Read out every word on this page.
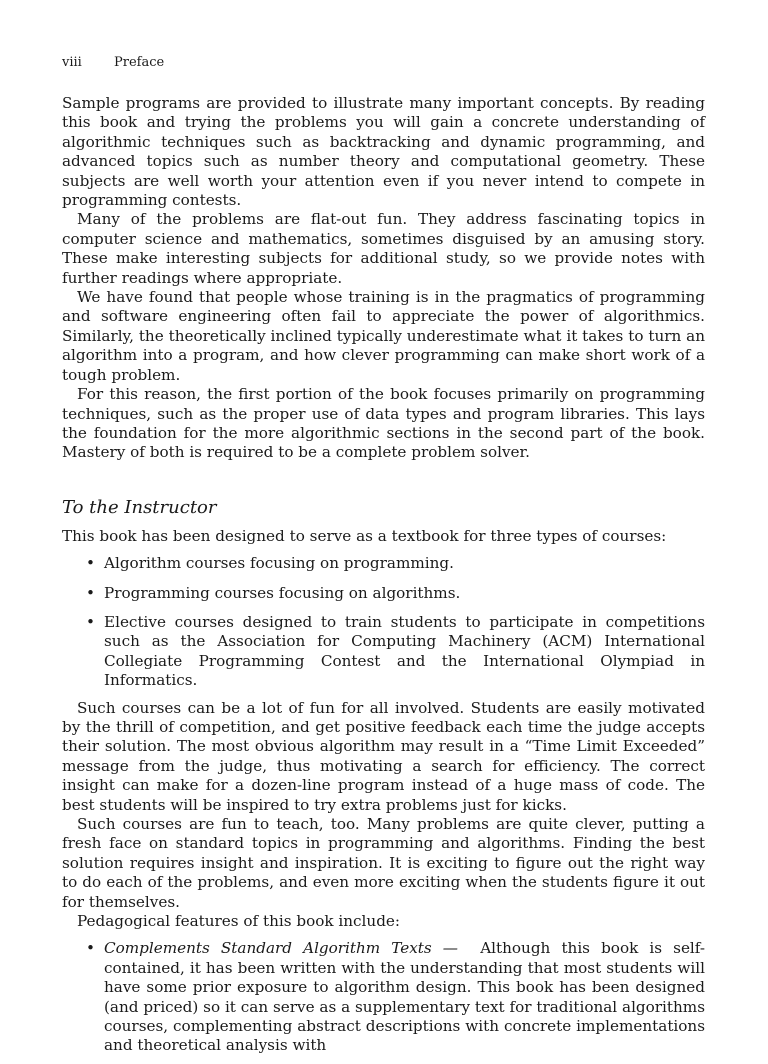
viii Preface

Sample programs are provided to illustrate many important concepts. By reading this book and trying the problems you will gain a concrete understanding of algorithmic techniques such as backtracking and dynamic programming, and advanced topics such as number theory and computational geometry. These subjects are well worth your attention even if you never intend to compete in programming contests.

Many of the problems are flat-out fun. They address fascinating topics in computer science and mathematics, sometimes disguised by an amusing story. These make interesting subjects for additional study, so we provide notes with further readings where appropriate.

We have found that people whose training is in the pragmatics of programming and software engineering often fail to appreciate the power of algorithmics. Similarly, the theoretically inclined typically underestimate what it takes to turn an algorithm into a program, and how clever programming can make short work of a tough problem.

For this reason, the first portion of the book focuses primarily on programming techniques, such as the proper use of data types and program libraries. This lays the foundation for the more algorithmic sections in the second part of the book. Mastery of both is required to be a complete problem solver.

To the Instructor

This book has been designed to serve as a textbook for three types of courses:

• Algorithm courses focusing on programming.
• Programming courses focusing on algorithms.
• Elective courses designed to train students to participate in competitions such as the Association for Computing Machinery (ACM) International Collegiate Programming Contest and the International Olympiad in Informatics.

Such courses can be a lot of fun for all involved. Students are easily motivated by the thrill of competition, and get positive feedback each time the judge accepts their solution. The most obvious algorithm may result in a “Time Limit Exceeded” message from the judge, thus motivating a search for efficiency. The correct insight can make for a dozen-line program instead of a huge mass of code. The best students will be inspired to try extra problems just for kicks.

Such courses are fun to teach, too. Many problems are quite clever, putting a fresh face on standard topics in programming and algorithms. Finding the best solution requires insight and inspiration. It is exciting to figure out the right way to do each of the problems, and even more exciting when the students figure it out for themselves.

Pedagogical features of this book include:

• Complements Standard Algorithm Texts — Although this book is self-contained, it has been written with the understanding that most students will have some prior exposure to algorithm design. This book has been designed (and priced) so it can serve as a supplementary text for traditional algorithms courses, complementing abstract descriptions with concrete implementations and theoretical analysis with
